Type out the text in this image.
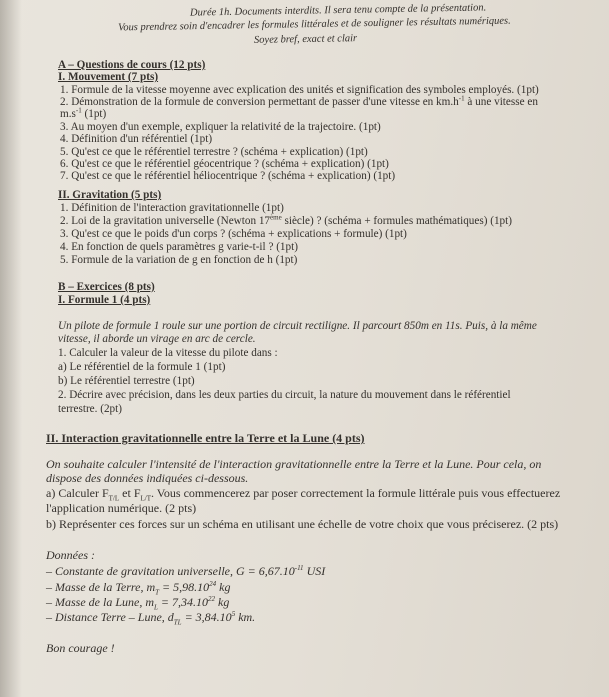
Durée 1h. Documents interdits. Il sera tenu compte de la présentation.
Vous prendrez soin d'encadrer les formules littérales et de souligner les résultats numériques.
Soyez bref, exact et clair
A – Questions de cours (12 pts)
I. Mouvement (7 pts)
1. Formule de la vitesse moyenne avec explication des unités et signification des symboles employés. (1pt)
2. Démonstration de la formule de conversion permettant de passer d'une vitesse en $km.h^{-1}$ à une vitesse en
$m.s^{-1}$ (1pt)
3. Au moyen d'un exemple, expliquer la relativité de la trajectoire. (1pt)
4. Définition d'un référentiel (1pt)
5. Qu'est ce que le référentiel terrestre ? (schéma + explication) (1pt)
6. Qu'est ce que le référentiel géocentrique ? (schéma + explication) (1pt)
7. Qu'est ce que le référentiel héliocentrique ? (schéma + explication) (1pt)
II. Gravitation (5 pts)
1. Définition de l'interaction gravitationnelle (1pt)
2. Loi de la gravitation universelle (Newton 17ème siècle) ? (schéma + formules mathématiques) (1pt)
3. Qu'est ce que le poids d'un corps ? (schéma + explications + formule) (1pt)
4. En fonction de quels paramètres g varie-t-il ? (1pt)
5. Formule de la variation de g en fonction de h (1pt)
B – Exercices (8 pts)
I. Formule 1 (4 pts)
Un pilote de formule 1 roule sur une portion de circuit rectiligne. Il parcourt 850m en 11s. Puis, à la même
vitesse, il aborde un virage en arc de cercle.
1. Calculer la valeur de la vitesse du pilote dans :
a) Le référentiel de la formule 1 (1pt)
b) Le référentiel terrestre (1pt)
2. Décrire avec précision, dans les deux parties du circuit, la nature du mouvement dans le référentiel
terrestre. (2pt)
II. Interaction gravitationnelle entre la Terre et la Lune (4 pts)
On souhaite calculer l'intensité de l'interaction gravitationnelle entre la Terre et la Lune. Pour cela, on
dispose des données indiquées ci-dessous.
a) Calculer $F_{T/L}$ et $F_{L/T}$. Vous commencerez par poser correctement la formule littérale puis vous effectuerez
l'application numérique. (2 pts)
b) Représenter ces forces sur un schéma en utilisant une échelle de votre choix que vous préciserez. (2 pts)
Données :
– Constante de gravitation universelle, $G = 6,67.10^{-11}$ USI
– Masse de la Terre, $m_T = 5,98.10^{24}$ kg
– Masse de la Lune, $m_L = 7,34.10^{22}$ kg
– Distance Terre – Lune, $d_{TL} = 3,84.10^5$ km.
Bon courage !
